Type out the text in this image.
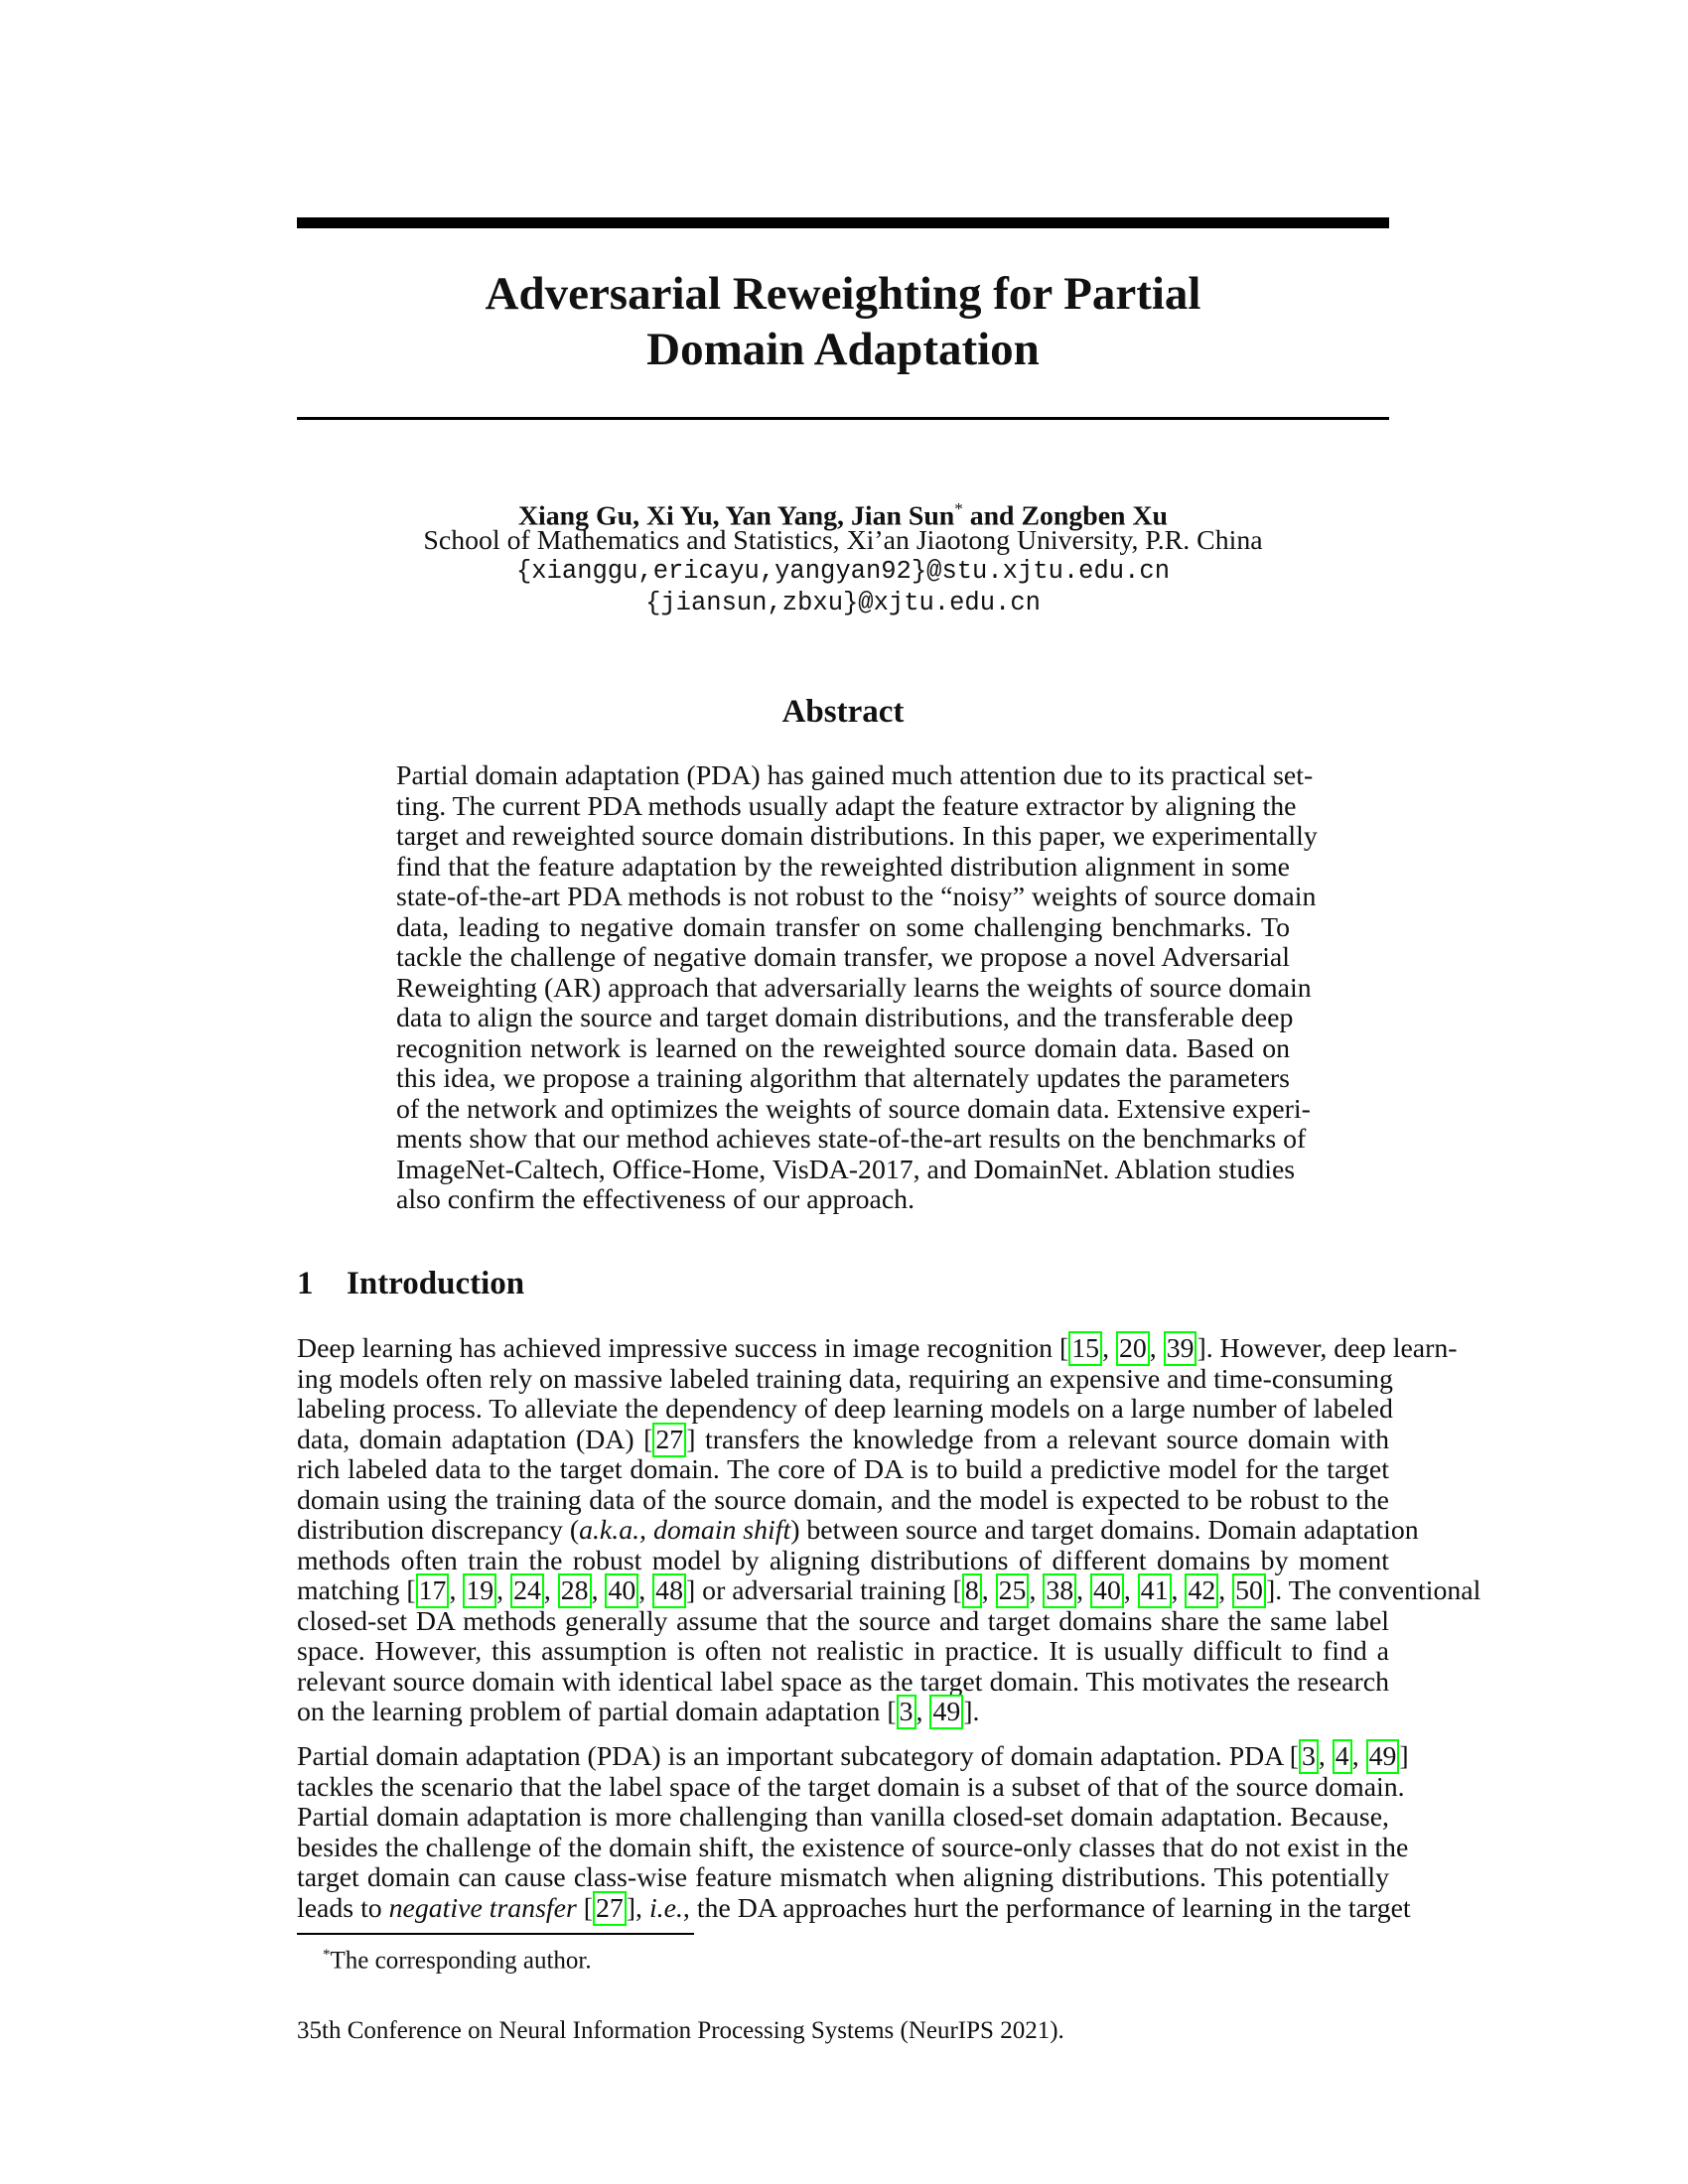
Adversarial Reweighting for Partial
Domain Adaptation
Xiang Gu, Xi Yu, Yan Yang, Jian Sun* and Zongben Xu
School of Mathematics and Statistics, Xi’an Jiaotong University, P.R. China
{xianggu,ericayu,yangyan92}@stu.xjtu.edu.cn
{jiansun,zbxu}@xjtu.edu.cn
Abstract
Partial domain adaptation (PDA) has gained much attention due to its practical set-
ting. The current PDA methods usually adapt the feature extractor by aligning the
target and reweighted source domain distributions. In this paper, we experimentally
find that the feature adaptation by the reweighted distribution alignment in some
state-of-the-art PDA methods is not robust to the “noisy” weights of source domain
data, leading to negative domain transfer on some challenging benchmarks. To
tackle the challenge of negative domain transfer, we propose a novel Adversarial
Reweighting (AR) approach that adversarially learns the weights of source domain
data to align the source and target domain distributions, and the transferable deep
recognition network is learned on the reweighted source domain data. Based on
this idea, we propose a training algorithm that alternately updates the parameters
of the network and optimizes the weights of source domain data. Extensive experi-
ments show that our method achieves state-of-the-art results on the benchmarks of
ImageNet-Caltech, Office-Home, VisDA-2017, and DomainNet. Ablation studies
also confirm the effectiveness of our approach.
1 Introduction
Deep learning has achieved impressive success in image recognition [ 15 , 20 , 39 ]. However, deep learn-
ing models often rely on massive labeled training data, requiring an expensive and time-consuming
labeling process. To alleviate the dependency of deep learning models on a large number of labeled
data, domain adaptation (DA) [ 27 ] transfers the knowledge from a relevant source domain with
rich labeled data to the target domain. The core of DA is to build a predictive model for the target
domain using the training data of the source domain, and the model is expected to be robust to the
distribution discrepancy (a.k.a., domain shift) between source and target domains. Domain adaptation
methods often train the robust model by aligning distributions of different domains by moment
matching [ 17 , 19 , 24 , 28 , 40 , 48 ] or adversarial training [ 8 , 25 , 38 , 40 , 41 , 42 , 50 ]. The conventional
closed-set DA methods generally assume that the source and target domains share the same label
space. However, this assumption is often not realistic in practice. It is usually difficult to find a
relevant source domain with identical label space as the target domain. This motivates the research
on the learning problem of partial domain adaptation [ 3 , 49 ].
Partial domain adaptation (PDA) is an important subcategory of domain adaptation. PDA [ 3 , 4 , 49 ]
tackles the scenario that the label space of the target domain is a subset of that of the source domain.
Partial domain adaptation is more challenging than vanilla closed-set domain adaptation. Because,
besides the challenge of the domain shift, the existence of source-only classes that do not exist in the
target domain can cause class-wise feature mismatch when aligning distributions. This potentially
leads to negative transfer [ 27 ], i.e., the DA approaches hurt the performance of learning in the target
*The corresponding author.
35th Conference on Neural Information Processing Systems (NeurIPS 2021).
